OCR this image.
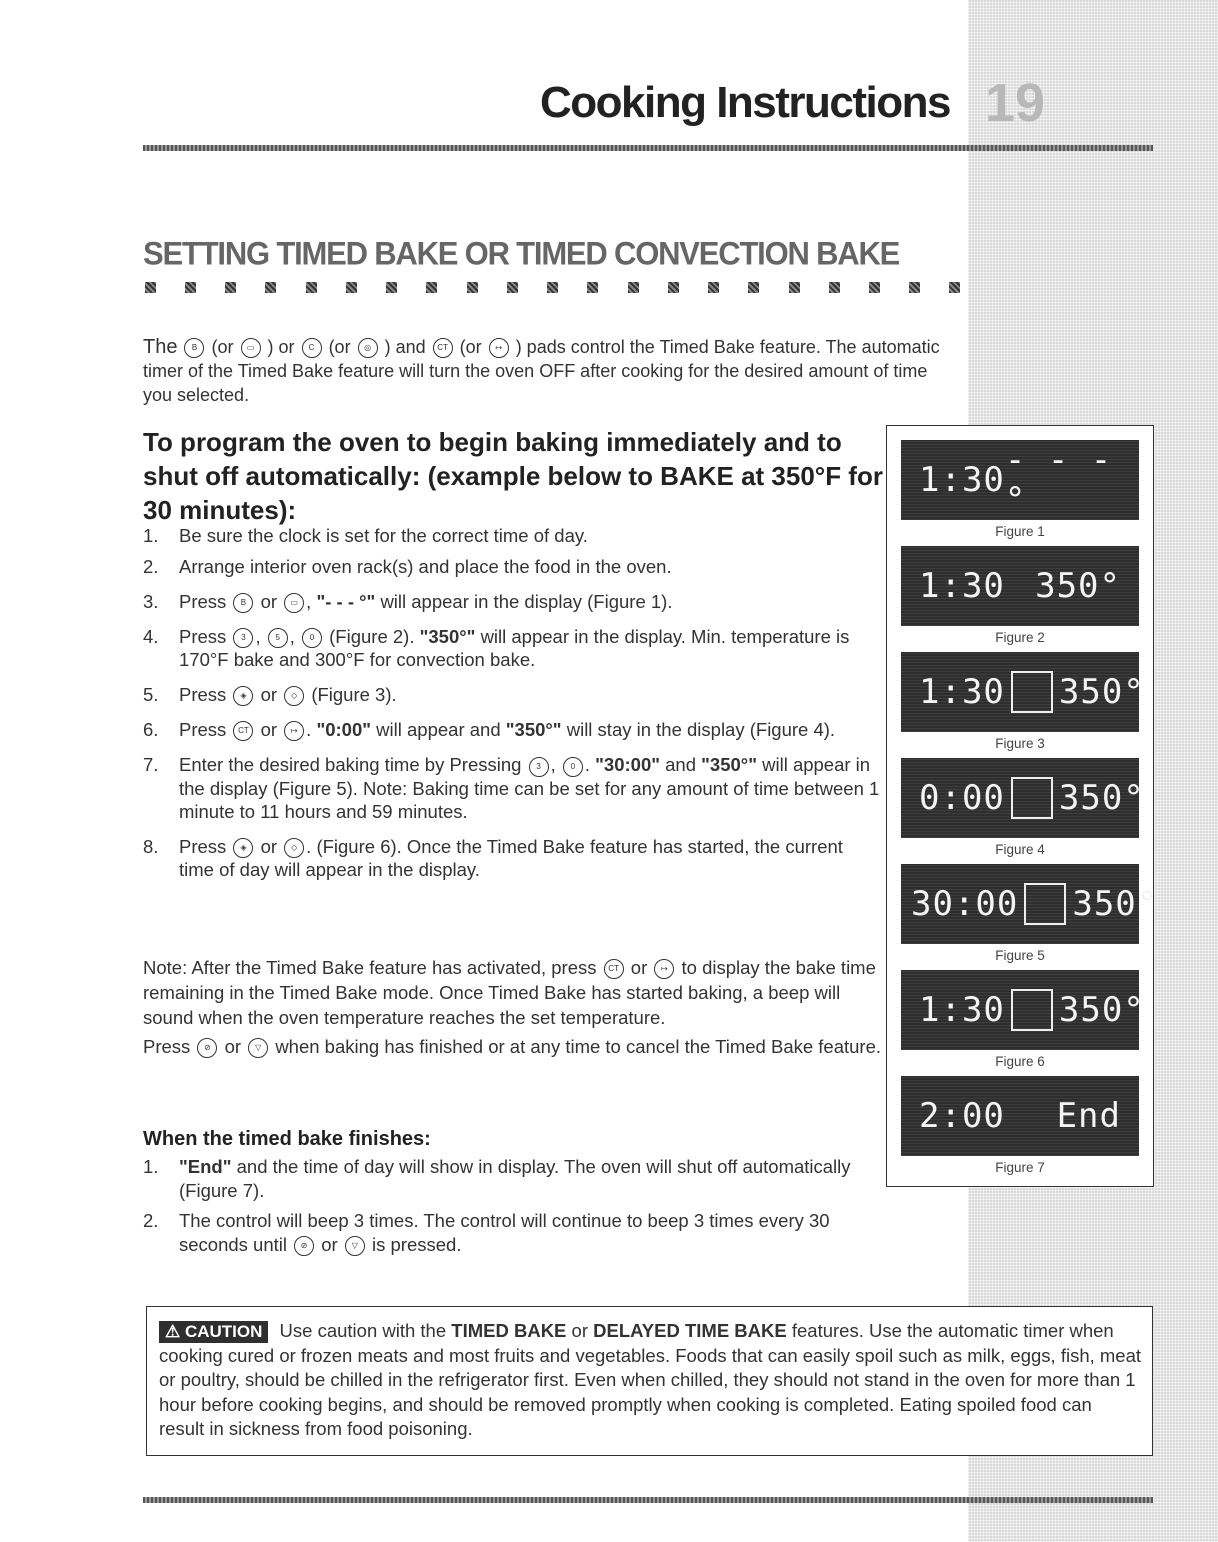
Cooking Instructions 19
SETTING TIMED BAKE OR TIMED CONVECTION BAKE
The B (or ▭ ) or C (or ◎ ) and CT (or ↦ ) pads control the Timed Bake feature. The automatic timer of the Timed Bake feature will turn the oven OFF after cooking for the desired amount of time you selected.
To program the oven to begin baking immediately and to shut off automatically: (example below to BAKE at 350°F for 30 minutes):
1. Be sure the clock is set for the correct time of day.
2. Arrange interior oven rack(s) and place the food in the oven.
3. Press B or ▭ , "- - - °" will appear in the display (Figure 1).
4. Press 3 , 5 , 0 (Figure 2). "350°" will appear in the display. Min. temperature is 170°F bake and 300°F for convection bake.
5. Press ◈ or ◇ (Figure 3).
6. Press CT or ↦ . "0:00" will appear and "350°" will stay in the display (Figure 4).
7. Enter the desired baking time by Pressing 3 , 0 . "30:00" and "350°" will appear in the display (Figure 5). Note: Baking time can be set for any amount of time between 1 minute to 11 hours and 59 minutes.
8. Press ◈ or ◇ . (Figure 6). Once the Timed Bake feature has started, the current time of day will appear in the display.

Note: After the Timed Bake feature has activated, press CT or ↦ to display the bake time remaining in the Timed Bake mode. Once Timed Bake has started baking, a beep will sound when the oven temperature reaches the set temperature.

Press ⊘ or ▽ when baking has finished or at any time to cancel the Timed Bake feature.

When the timed bake finishes:
1. "End" and the time of day will show in display. The oven will shut off automatically (Figure 7).
2. The control will beep 3 times. The control will continue to beep 3 times every 30 seconds until ⊘ or ▽ is pressed.
1:30 - - -°
Figure 1
1:30 350°
Figure 2
1:30 350°
Figure 3
0:00 350°
Figure 4
30:00 350°
Figure 5
1:30 350°
Figure 6
2:00 End
Figure 7
⚠ CAUTION Use caution with the TIMED BAKE or DELAYED TIME BAKE features. Use the automatic timer when cooking cured or frozen meats and most fruits and vegetables. Foods that can easily spoil such as milk, eggs, fish, meat or poultry, should be chilled in the refrigerator first. Even when chilled, they should not stand in the oven for more than 1 hour before cooking begins, and should be removed promptly when cooking is completed. Eating spoiled food can result in sickness from food poisoning.
